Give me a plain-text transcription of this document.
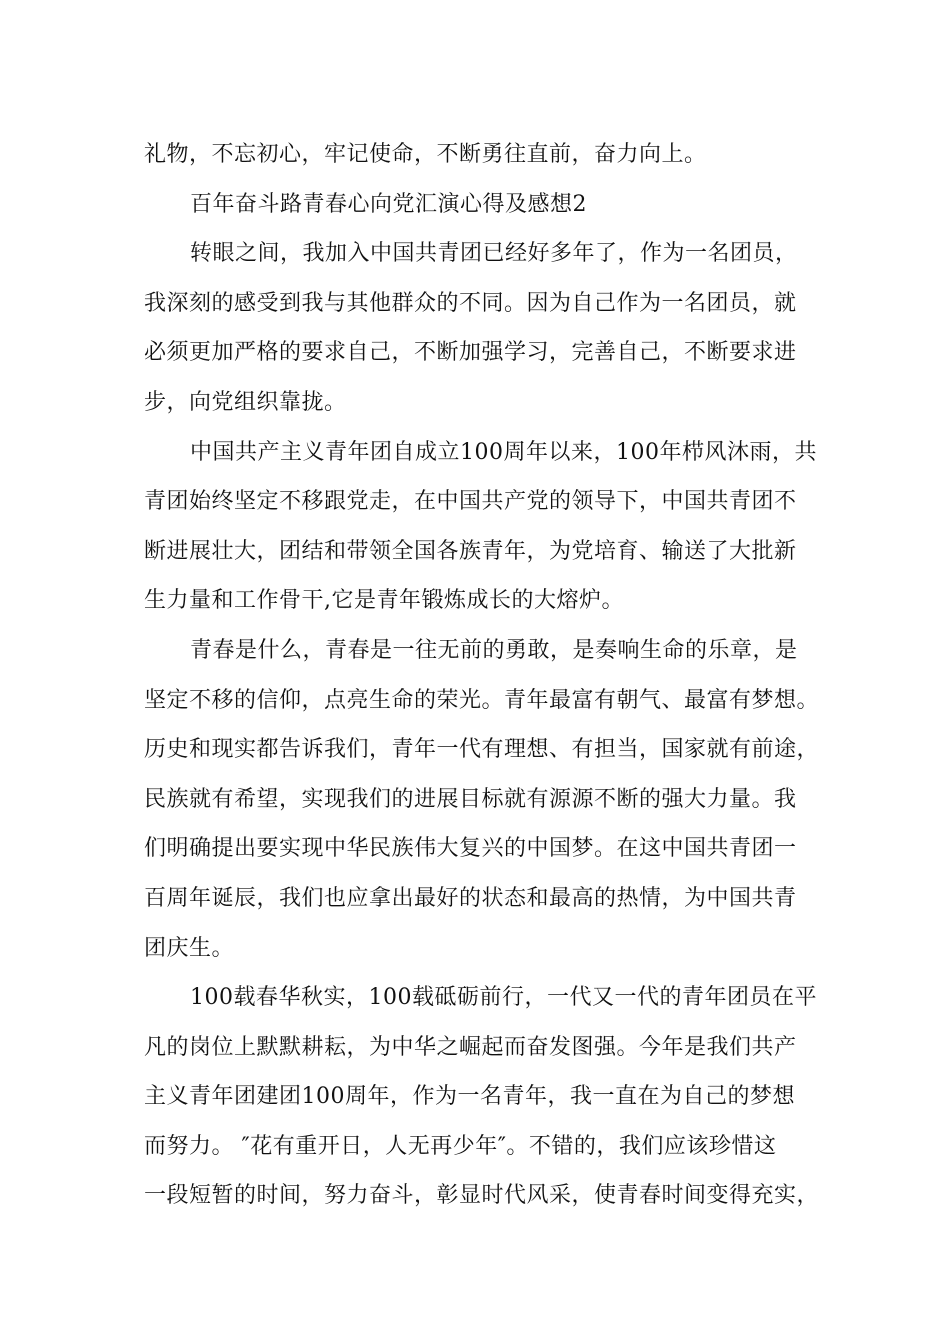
礼物，不忘初心，牢记使命，不断勇往直前，奋力向上。
百年奋斗路青春心向党汇演心得及感想2
转眼之间，我加入中国共青团已经好多年了，作为一名团员，
我深刻的感受到我与其他群众的不同。因为自己作为一名团员，就
必须更加严格的要求自己，不断加强学习，完善自己，不断要求进
步，向党组织靠拢。
中国共产主义青年团自成立100周年以来，100年栉风沐雨，共
青团始终坚定不移跟党走，在中国共产党的领导下，中国共青团不
断进展壮大，团结和带领全国各族青年，为党培育、输送了大批新
生力量和工作骨干,它是青年锻炼成长的大熔炉。
青春是什么，青春是一往无前的勇敢，是奏响生命的乐章，是
坚定不移的信仰，点亮生命的荣光。青年最富有朝气、最富有梦想。
历史和现实都告诉我们，青年一代有理想、有担当，国家就有前途，
民族就有希望，实现我们的进展目标就有源源不断的强大力量。我
们明确提出要实现中华民族伟大复兴的中国梦。在这中国共青团一
百周年诞辰，我们也应拿出最好的状态和最高的热情，为中国共青
团庆生。
100载春华秋实，100载砥砺前行，一代又一代的青年团员在平
凡的岗位上默默耕耘，为中华之崛起而奋发图强。今年是我们共产
主义青年团建团100周年，作为一名青年，我一直在为自己的梦想
而努力。 ″花有重开日，人无再少年″。不错的，我们应该珍惜这
一段短暂的时间，努力奋斗，彰显时代风采，使青春时间变得充实，
